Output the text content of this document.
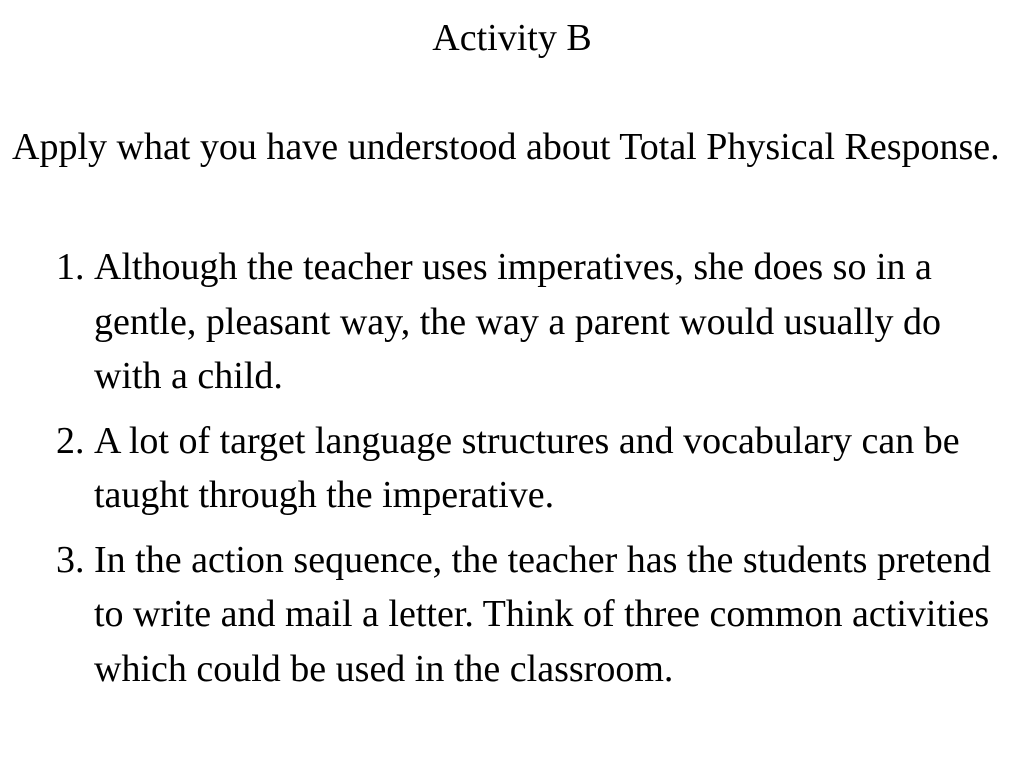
Activity B
Apply what you have understood about Total Physical Response.
1. Although the teacher uses imperatives, she does so in a gentle, pleasant way, the way a parent would usually do with a child.
2. A lot of target language structures and vocabulary can be taught through the imperative.
3. In the action sequence, the teacher has the students pretend to write and mail a letter. Think of three common activities which could be used in the classroom.
